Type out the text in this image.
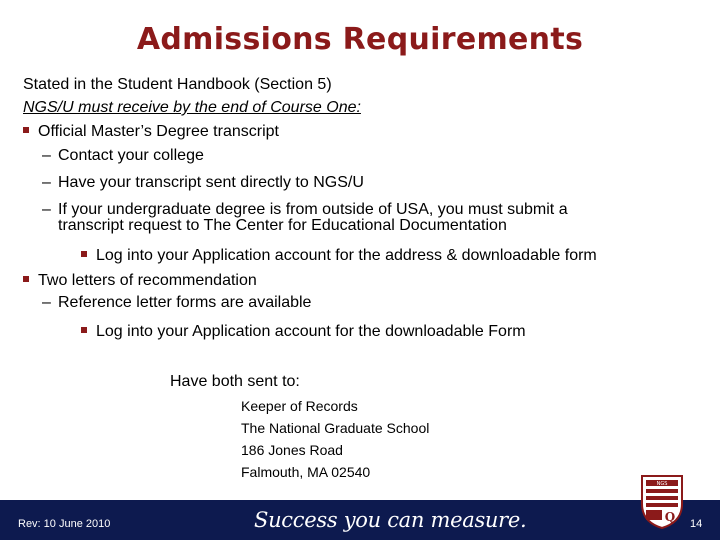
Admissions Requirements
Stated in the Student Handbook (Section 5)
NGS/U must receive by the end of Course One:
Official Master’s Degree transcript
– Contact your college
– Have your transcript sent directly to NGS/U
– If your undergraduate degree is from outside of USA, you must submit a
transcript request to The Center for Educational Documentation
Log into your Application account for the address & downloadable form
Two letters of recommendation
– Reference letter forms are available
Log into your Application account for the downloadable Form
Have both sent to:
Keeper of Records
The National Graduate School
186 Jones Road
Falmouth, MA 02540
Rev: 10 June 2010	Success you can measure.	14
NGS
Q
